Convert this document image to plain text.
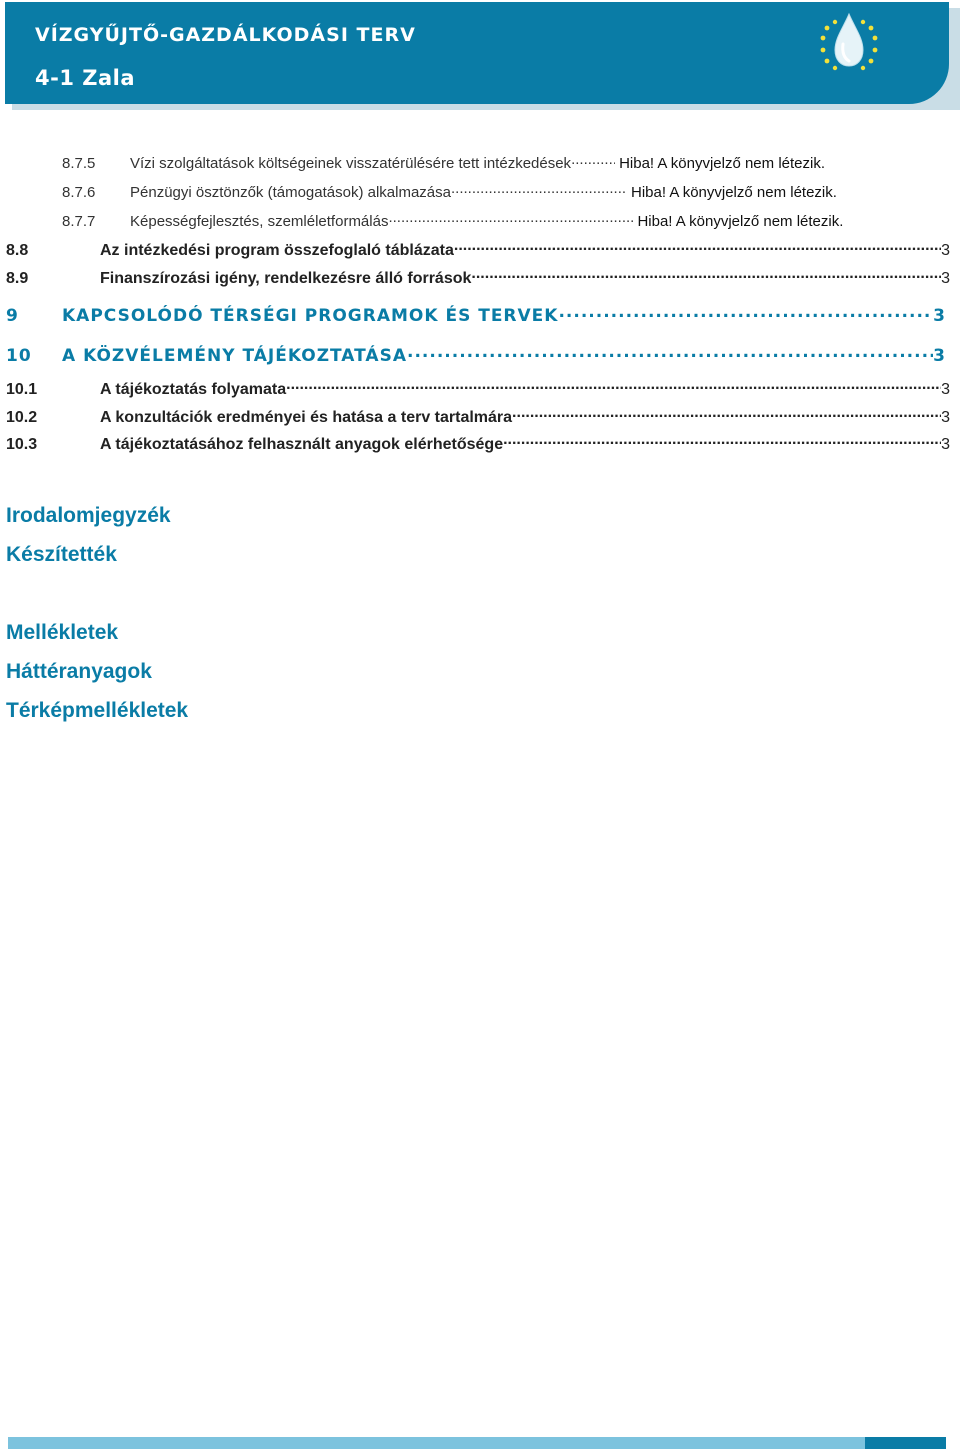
VÍZGYŰJTŐ-GAZDÁLKODÁSI TERV
4-1 Zala
8.7.5	Vízi szolgáltatások költségeinek visszatérülésére tett intézkedések .....	Hiba! A könyvjelző nem létezik.
8.7.6	Pénzügyi ösztönzők (támogatások) alkalmazása .....	Hiba! A könyvjelző nem létezik.
8.7.7	Képességfejlesztés, szemléletformálás .....	Hiba! A könyvjelző nem létezik.
8.8	Az intézkedési program összefoglaló táblázata .....	3
8.9	Finanszírozási igény, rendelkezésre álló források .....	3
9	KAPCSOLÓDÓ TÉRSÉGI PROGRAMOK ÉS TERVEK .....	3
10	A KÖZVÉLEMÉNY TÁJÉKOZTATÁSA .....	3
10.1	A tájékoztatás folyamata .....	3
10.2	A konzultációk eredményei és hatása a terv tartalmára .....	3
10.3	A tájékoztatásához felhasznált anyagok elérhetősége .....	3
Irodalomjegyzék
Készítették
Mellékletek
Háttéranyagok
Térképmellékletek
